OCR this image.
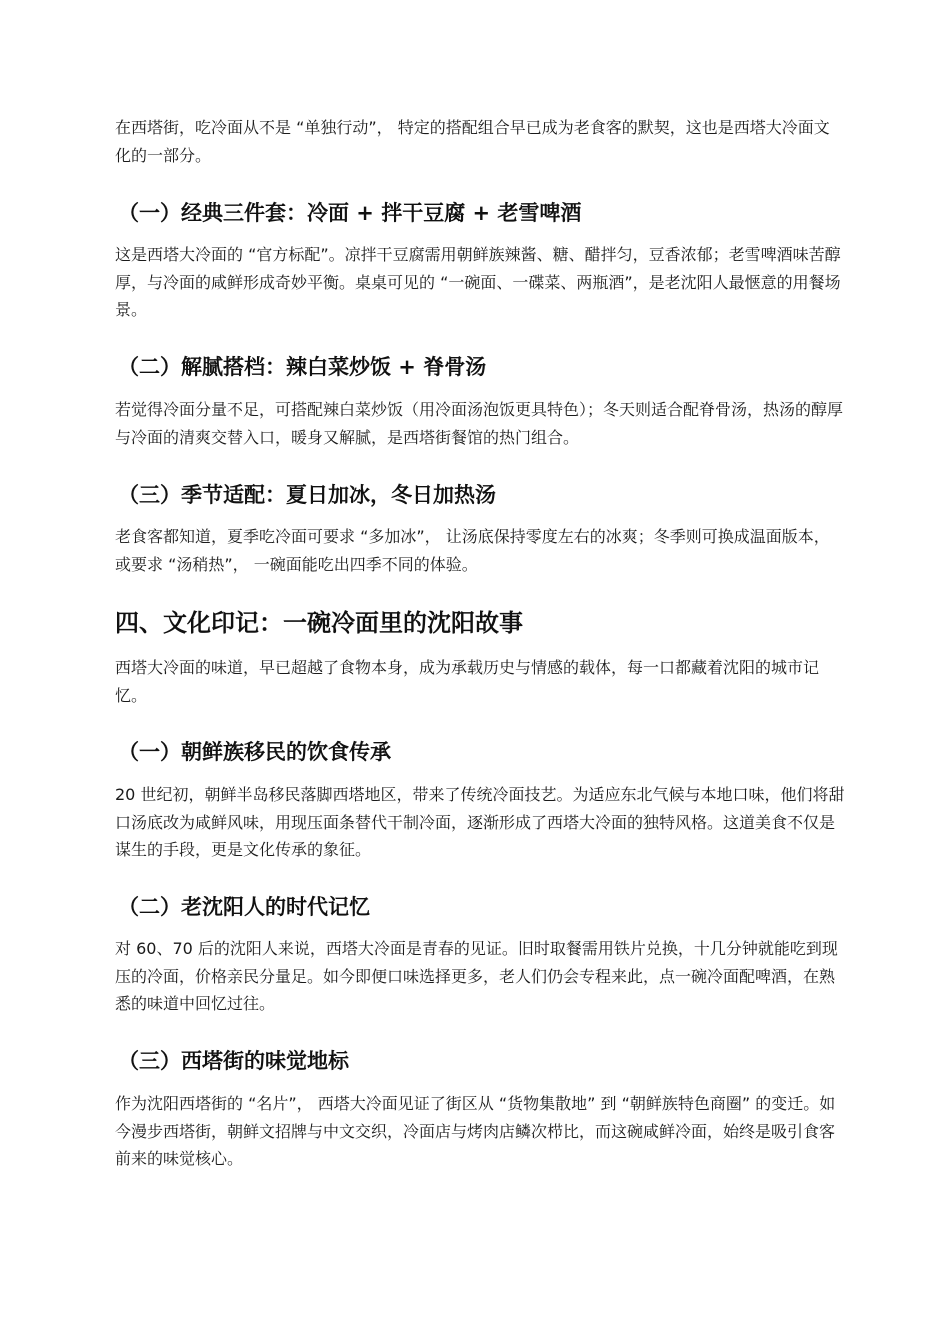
在西塔街，吃冷面从不是 “单独行动”， 特定的搭配组合早已成为老食客的默契，这也是西塔大冷面文化的一部分。

（一）经典三件套：冷面 + 拌干豆腐 + 老雪啤酒

这是西塔大冷面的 “官方标配”。凉拌干豆腐需用朝鲜族辣酱、糖、醋拌匀，豆香浓郁；老雪啤酒味苦醇厚，与冷面的咸鲜形成奇妙平衡。桌桌可见的 “一碗面、一碟菜、两瓶酒”，是老沈阳人最惬意的用餐场景。

（二）解腻搭档：辣白菜炒饭 + 脊骨汤

若觉得冷面分量不足，可搭配辣白菜炒饭（用冷面汤泡饭更具特色）；冬天则适合配脊骨汤，热汤的醇厚与冷面的清爽交替入口，暖身又解腻，是西塔街餐馆的热门组合。

（三）季节适配：夏日加冰，冬日加热汤

老食客都知道，夏季吃冷面可要求 “多加冰”， 让汤底保持零度左右的冰爽；冬季则可换成温面版本，或要求 “汤稍热”， 一碗面能吃出四季不同的体验。

四、文化印记：一碗冷面里的沈阳故事

西塔大冷面的味道，早已超越了食物本身，成为承载历史与情感的载体，每一口都藏着沈阳的城市记忆。

（一）朝鲜族移民的饮食传承

20 世纪初，朝鲜半岛移民落脚西塔地区，带来了传统冷面技艺。为适应东北气候与本地口味，他们将甜口汤底改为咸鲜风味，用现压面条替代干制冷面，逐渐形成了西塔大冷面的独特风格。这道美食不仅是谋生的手段，更是文化传承的象征。

（二）老沈阳人的时代记忆

对 60、70 后的沈阳人来说，西塔大冷面是青春的见证。旧时取餐需用铁片兑换，十几分钟就能吃到现压的冷面，价格亲民分量足。如今即便口味选择更多，老人们仍会专程来此，点一碗冷面配啤酒，在熟悉的味道中回忆过往。

（三）西塔街的味觉地标

作为沈阳西塔街的 “名片”， 西塔大冷面见证了街区从 “货物集散地” 到 “朝鲜族特色商圈” 的变迁。如今漫步西塔街，朝鲜文招牌与中文交织，冷面店与烤肉店鳞次栉比，而这碗咸鲜冷面，始终是吸引食客前来的味觉核心。
